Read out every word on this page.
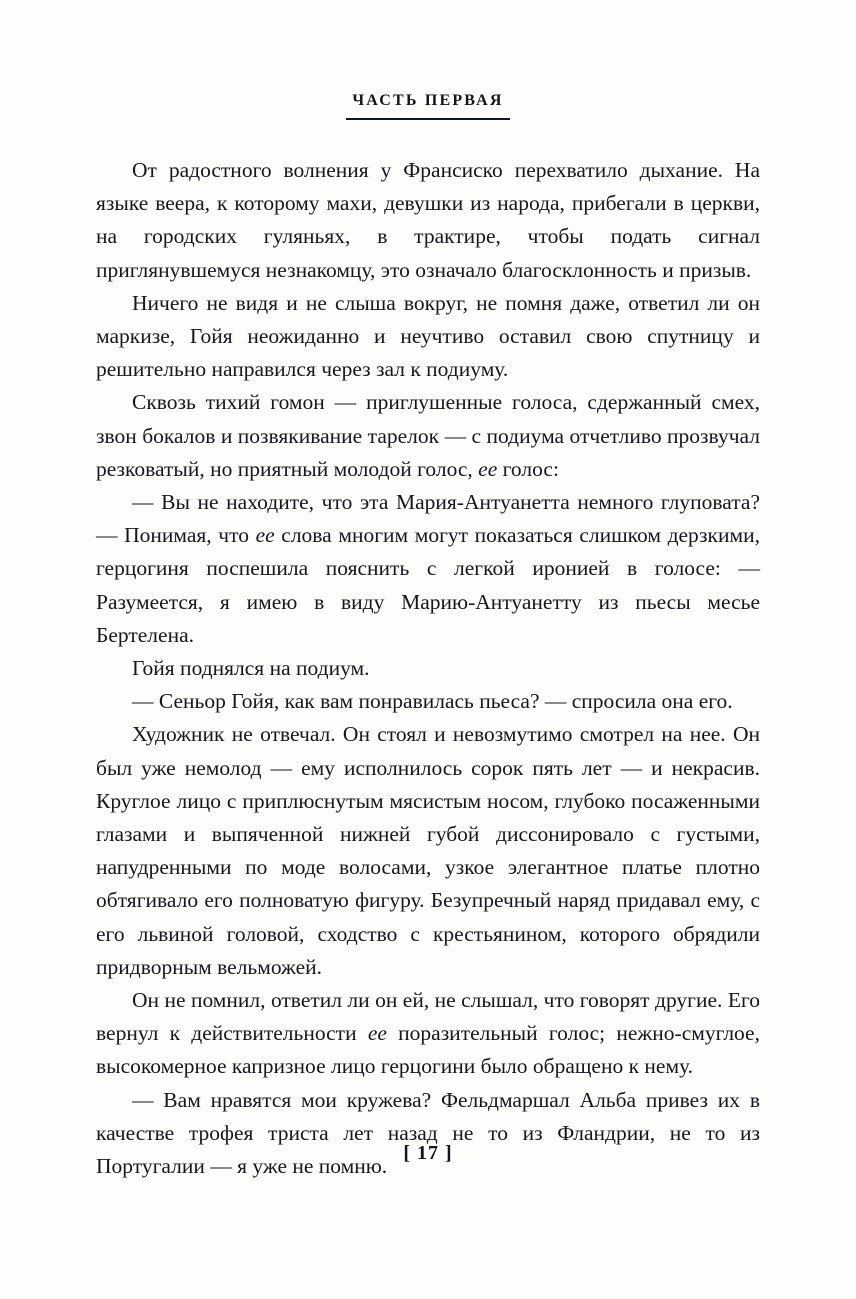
ЧАСТЬ ПЕРВАЯ

От радостного волнения у Франсиско перехватило дыхание. На языке веера, к которому махи, девушки из народа, прибегали в церкви, на городских гуляньях, в трактире, чтобы подать сигнал приглянувшемуся незнакомцу, это означало благосклонность и призыв.

Ничего не видя и не слыша вокруг, не помня даже, ответил ли он маркизе, Гойя неожиданно и неучтиво оставил свою спутницу и решительно направился через зал к подиуму.

Сквозь тихий гомон — приглушенные голоса, сдержанный смех, звон бокалов и позвякивание тарелок — с подиума отчетливо прозвучал резковатый, но приятный молодой голос, ее голос:

— Вы не находите, что эта Мария-Антуанетта немного глуповата? — Понимая, что ее слова многим могут показаться слишком дерзкими, герцогиня поспешила пояснить с легкой иронией в голосе: — Разумеется, я имею в виду Марию-Антуанетту из пьесы месье Бертелена.

Гойя поднялся на подиум.

— Сеньор Гойя, как вам понравилась пьеса? — спросила она его.

Художник не отвечал. Он стоял и невозмутимо смотрел на нее. Он был уже немолод — ему исполнилось сорок пять лет — и некрасив. Круглое лицо с приплюснутым мясистым носом, глубоко посаженными глазами и выпяченной нижней губой диссонировало с густыми, напудренными по моде волосами, узкое элегантное платье плотно обтягивало его полноватую фигуру. Безупречный наряд придавал ему, с его львиной головой, сходство с крестьянином, которого обрядили придворным вельможей.

Он не помнил, ответил ли он ей, не слышал, что говорят другие. Его вернул к действительности ее поразительный голос; нежно-смуглое, высокомерное капризное лицо герцогини было обращено к нему.

— Вам нравятся мои кружева? Фельдмаршал Альба привез их в качестве трофея триста лет назад не то из Фландрии, не то из Португалии — я уже не помню.

[ 17 ]
